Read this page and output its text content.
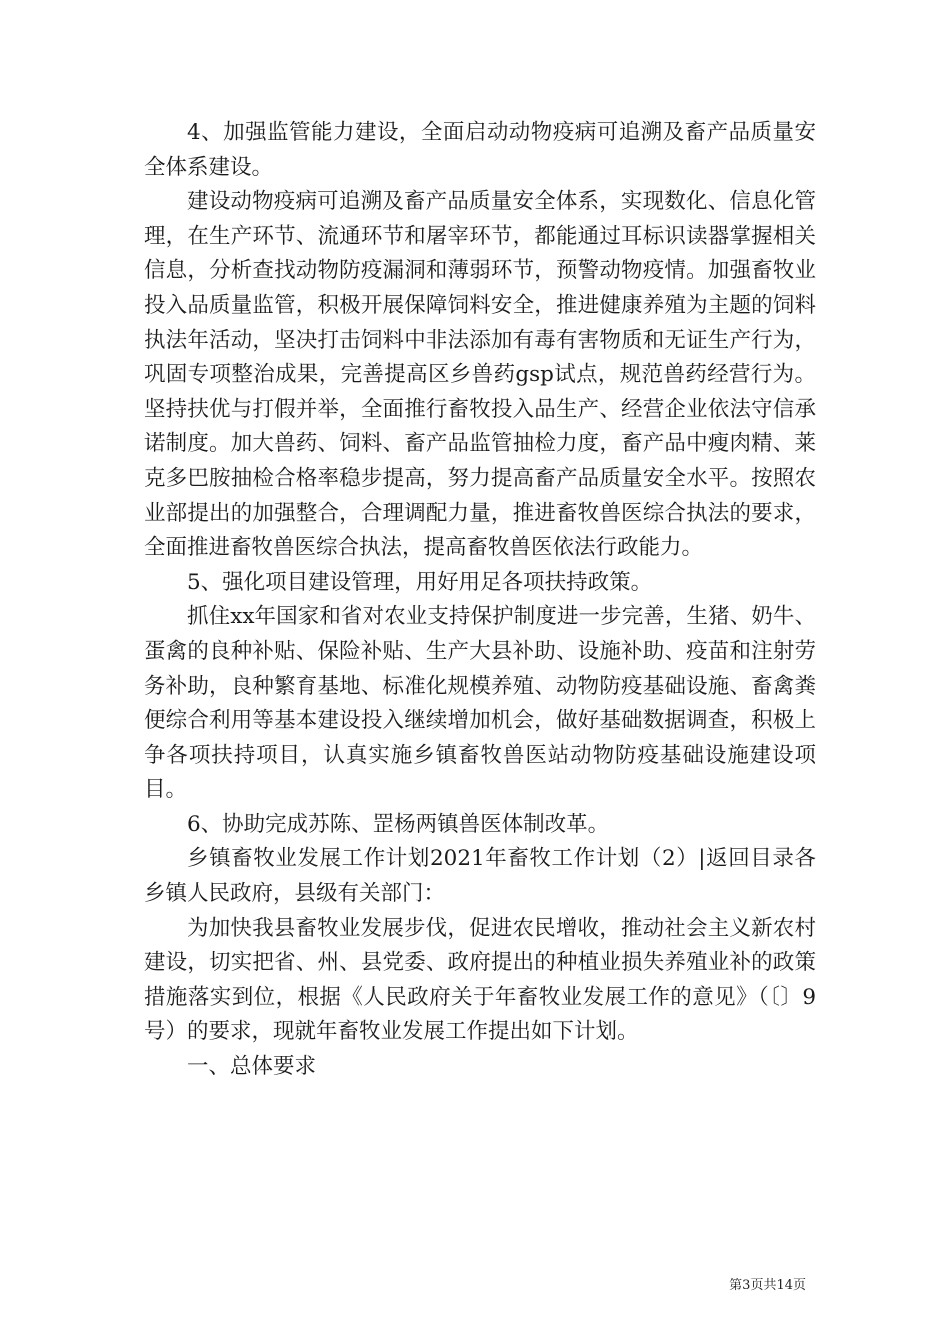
4、加强监管能力建设，全面启动动物疫病可追溯及畜产品质量安全体系建设。

建设动物疫病可追溯及畜产品质量安全体系，实现数化、信息化管理，在生产环节、流通环节和屠宰环节，都能通过耳标识读器掌握相关信息，分析查找动物防疫漏洞和薄弱环节，预警动物疫情。加强畜牧业投入品质量监管，积极开展保障饲料安全，推进健康养殖为主题的饲料执法年活动，坚决打击饲料中非法添加有毒有害物质和无证生产行为，巩固专项整治成果，完善提高区乡兽药gsp试点，规范兽药经营行为。坚持扶优与打假并举，全面推行畜牧投入品生产、经营企业依法守信承诺制度。加大兽药、饲料、畜产品监管抽检力度，畜产品中瘦肉精、莱克多巴胺抽检合格率稳步提高，努力提高畜产品质量安全水平。按照农业部提出的加强整合，合理调配力量，推进畜牧兽医综合执法的要求，全面推进畜牧兽医综合执法，提高畜牧兽医依法行政能力。

5、强化项目建设管理，用好用足各项扶持政策。

抓住xx年国家和省对农业支持保护制度进一步完善，生猪、奶牛、蛋禽的良种补贴、保险补贴、生产大县补助、设施补助、疫苗和注射劳务补助，良种繁育基地、标准化规模养殖、动物防疫基础设施、畜禽粪便综合利用等基本建设投入继续增加机会，做好基础数据调查，积极上争各项扶持项目，认真实施乡镇畜牧兽医站动物防疫基础设施建设项目。

6、协助完成苏陈、罡杨两镇兽医体制改革。

乡镇畜牧业发展工作计划2021年畜牧工作计划（2）|返回目录各乡镇人民政府，县级有关部门：

为加快我县畜牧业发展步伐，促进农民增收，推动社会主义新农村建设，切实把省、州、县党委、政府提出的种植业损失养殖业补的政策措施落实到位，根据《人民政府关于年畜牧业发展工作的意见》（〔〕9号）的要求，现就年畜牧业发展工作提出如下计划。

一、总体要求

第3页共14页
